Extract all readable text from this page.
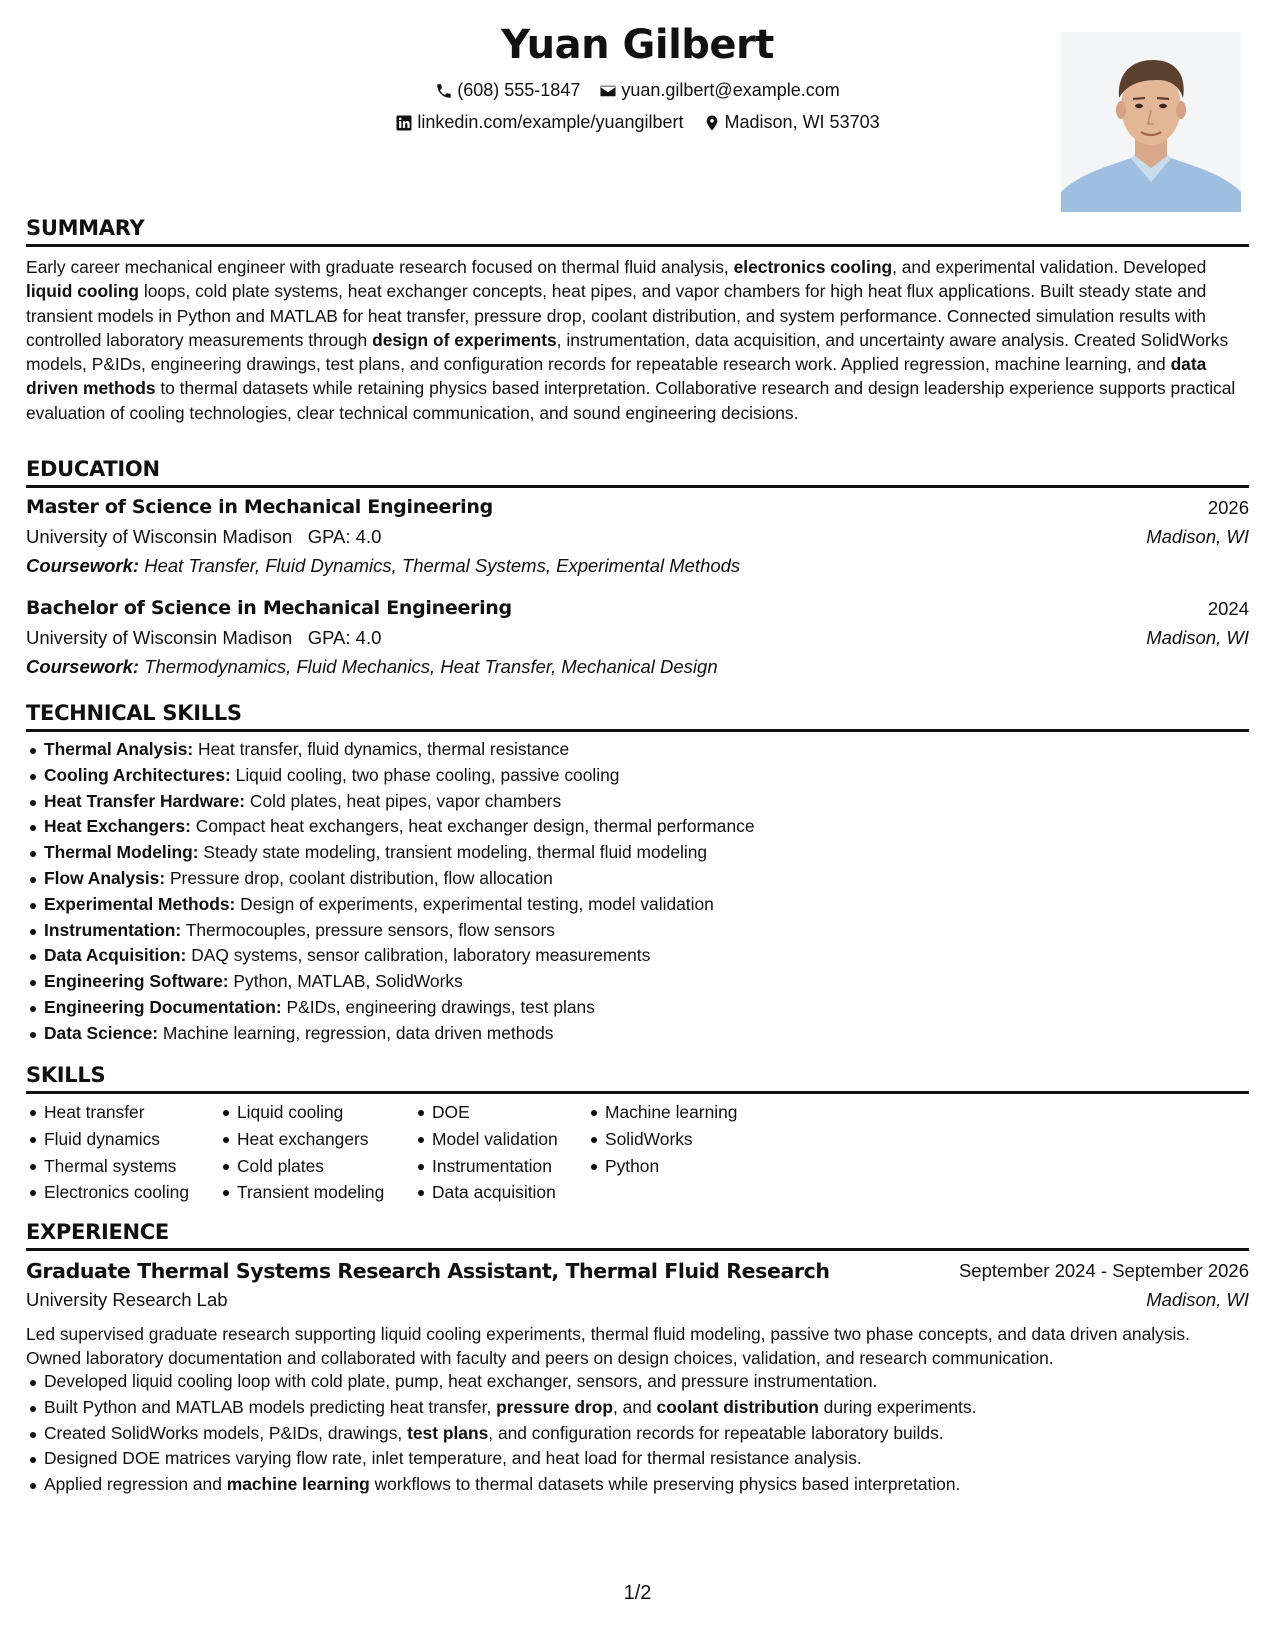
Yuan Gilbert
(608) 555-1847
yuan.gilbert@example.com
linkedin.com/example/yuangilbert
Madison, WI 53703
SUMMARY
Early career mechanical engineer with graduate research focused on thermal fluid analysis, electronics cooling, and experimental validation. Developed liquid cooling loops, cold plate systems, heat exchanger concepts, heat pipes, and vapor chambers for high heat flux applications. Built steady state and transient models in Python and MATLAB for heat transfer, pressure drop, coolant distribution, and system performance. Connected simulation results with controlled laboratory measurements through design of experiments, instrumentation, data acquisition, and uncertainty aware analysis. Created SolidWorks models, P&IDs, engineering drawings, test plans, and configuration records for repeatable research work. Applied regression, machine learning, and data driven methods to thermal datasets while retaining physics based interpretation. Collaborative research and design leadership experience supports practical evaluation of cooling technologies, clear technical communication, and sound engineering decisions.
EDUCATION
Master of Science in Mechanical Engineering	2026
University of Wisconsin Madison GPA: 4.0	Madison, WI
Coursework: Heat Transfer, Fluid Dynamics, Thermal Systems, Experimental Methods
Bachelor of Science in Mechanical Engineering	2024
University of Wisconsin Madison GPA: 4.0	Madison, WI
Coursework: Thermodynamics, Fluid Mechanics, Heat Transfer, Mechanical Design
TECHNICAL SKILLS
Thermal Analysis: Heat transfer, fluid dynamics, thermal resistance
Cooling Architectures: Liquid cooling, two phase cooling, passive cooling
Heat Transfer Hardware: Cold plates, heat pipes, vapor chambers
Heat Exchangers: Compact heat exchangers, heat exchanger design, thermal performance
Thermal Modeling: Steady state modeling, transient modeling, thermal fluid modeling
Flow Analysis: Pressure drop, coolant distribution, flow allocation
Experimental Methods: Design of experiments, experimental testing, model validation
Instrumentation: Thermocouples, pressure sensors, flow sensors
Data Acquisition: DAQ systems, sensor calibration, laboratory measurements
Engineering Software: Python, MATLAB, SolidWorks
Engineering Documentation: P&IDs, engineering drawings, test plans
Data Science: Machine learning, regression, data driven methods
SKILLS
Heat transfer
Fluid dynamics
Thermal systems
Electronics cooling
Liquid cooling
Heat exchangers
Cold plates
Transient modeling
DOE
Model validation
Instrumentation
Data acquisition
Machine learning
SolidWorks
Python
EXPERIENCE
Graduate Thermal Systems Research Assistant, Thermal Fluid Research	September 2024 - September 2026
University Research Lab	Madison, WI
Led supervised graduate research supporting liquid cooling experiments, thermal fluid modeling, passive two phase concepts, and data driven analysis. Owned laboratory documentation and collaborated with faculty and peers on design choices, validation, and research communication.
Developed liquid cooling loop with cold plate, pump, heat exchanger, sensors, and pressure instrumentation.
Built Python and MATLAB models predicting heat transfer, pressure drop, and coolant distribution during experiments.
Created SolidWorks models, P&IDs, drawings, test plans, and configuration records for repeatable laboratory builds.
Designed DOE matrices varying flow rate, inlet temperature, and heat load for thermal resistance analysis.
Applied regression and machine learning workflows to thermal datasets while preserving physics based interpretation.
1/2
